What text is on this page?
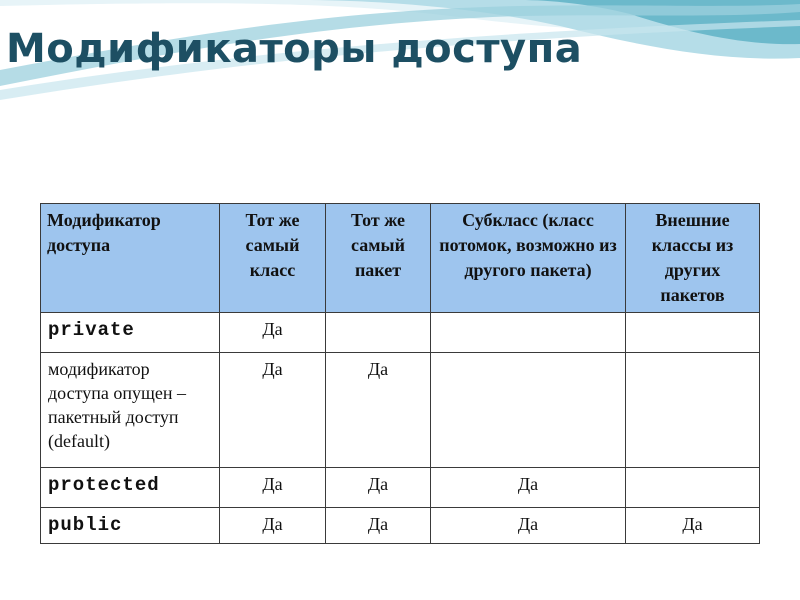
Модификаторы доступа
В Java существуют следующие модификаторы доступа для классов и
их членов (от самого строгого к самому свободному):
Модификатор доступа	Тот же самый класс	Тот же самый пакет	Субкласс (класс потомок, возможно из другого пакета)	Внешние классы из других пакетов
private	Да			
модификатор доступа опущен – пакетный доступ (default)	Да	Да		
protected	Да	Да	Да	
public	Да	Да	Да	Да
